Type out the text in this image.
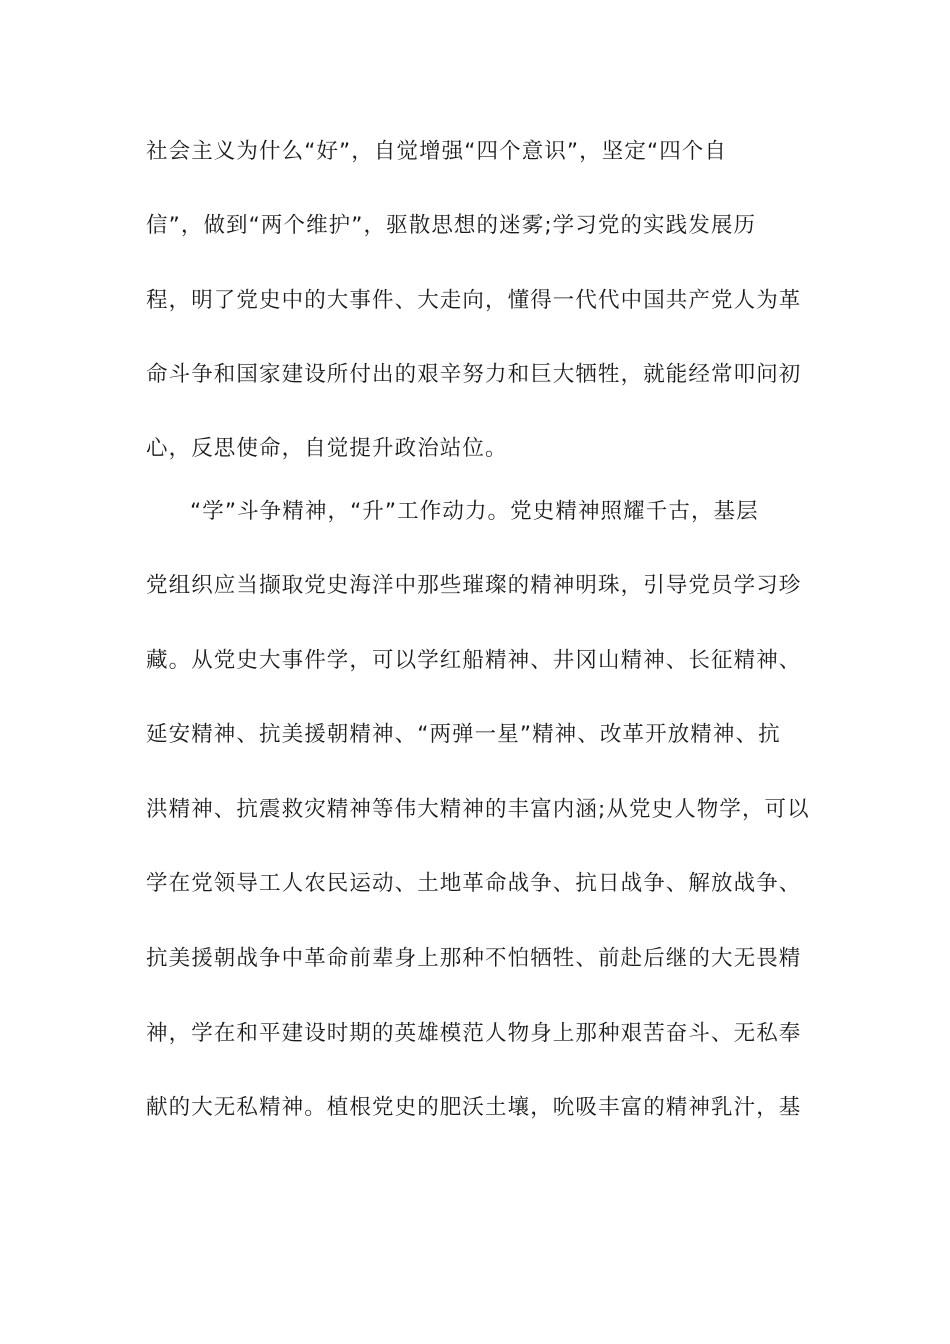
社会主义为什么“好”，自觉增强“四个意识”，坚定“四个自
信”，做到“两个维护”，驱散思想的迷雾;学习党的实践发展历
程，明了党史中的大事件、大走向，懂得一代代中国共产党人为革
命斗争和国家建设所付出的艰辛努力和巨大牺牲，就能经常叩问初
心，反思使命，自觉提升政治站位。
“学”斗争精神，“升”工作动力。党史精神照耀千古，基层
党组织应当撷取党史海洋中那些璀璨的精神明珠，引导党员学习珍
藏。从党史大事件学，可以学红船精神、井冈山精神、长征精神、
延安精神、抗美援朝精神、“两弹一星”精神、改革开放精神、抗
洪精神、抗震救灾精神等伟大精神的丰富内涵;从党史人物学，可以
学在党领导工人农民运动、土地革命战争、抗日战争、解放战争、
抗美援朝战争中革命前辈身上那种不怕牺牲、前赴后继的大无畏精
神，学在和平建设时期的英雄模范人物身上那种艰苦奋斗、无私奉
献的大无私精神。植根党史的肥沃土壤，吮吸丰富的精神乳汁，基
